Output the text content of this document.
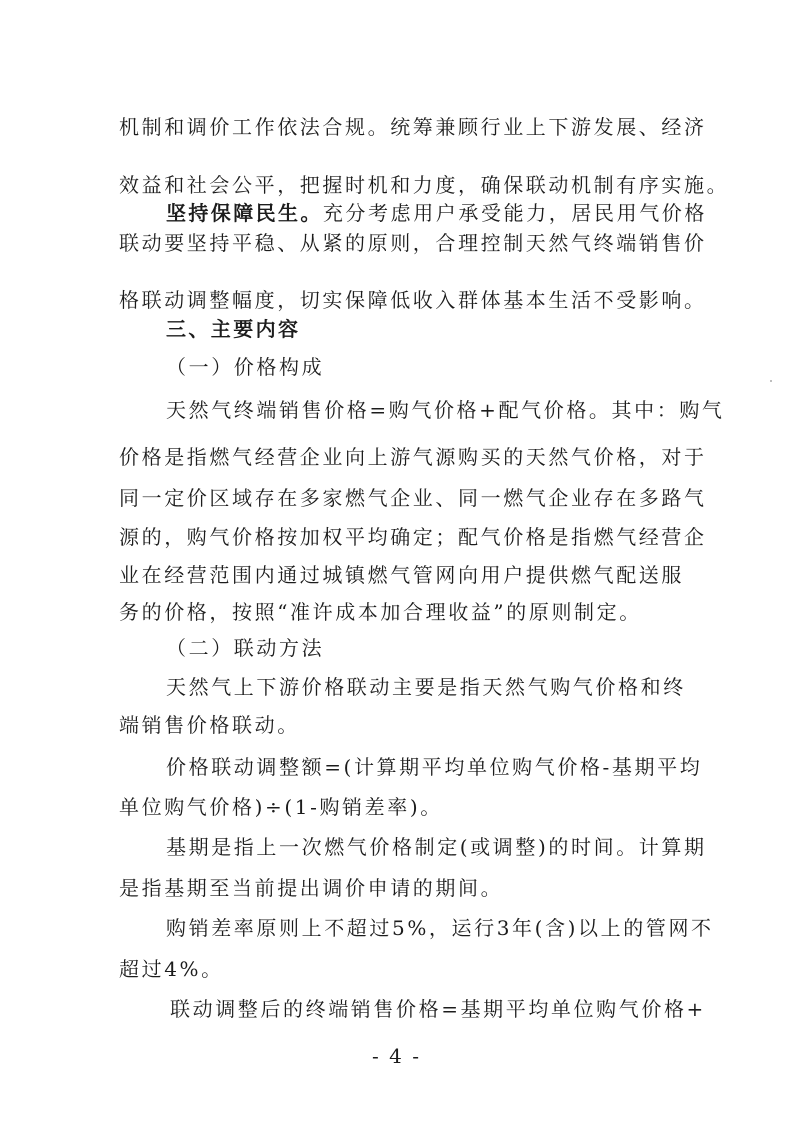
机制和调价工作依法合规。统筹兼顾行业上下游发展、经济
效益和社会公平，把握时机和力度，确保联动机制有序实施。
坚持保障民生。充分考虑用户承受能力，居民用气价格
联动要坚持平稳、从紧的原则，合理控制天然气终端销售价
格联动调整幅度，切实保障低收入群体基本生活不受影响。
三、主要内容
（一）价格构成
天然气终端销售价格=购气价格+配气价格。其中：购气
价格是指燃气经营企业向上游气源购买的天然气价格，对于
同一定价区域存在多家燃气企业、同一燃气企业存在多路气
源的，购气价格按加权平均确定；配气价格是指燃气经营企
业在经营范围内通过城镇燃气管网向用户提供燃气配送服
务的价格，按照“准许成本加合理收益”的原则制定。
（二）联动方法
天然气上下游价格联动主要是指天然气购气价格和终
端销售价格联动。
价格联动调整额=(计算期平均单位购气价格-基期平均
单位购气价格)÷(1-购销差率)。
基期是指上一次燃气价格制定(或调整)的时间。计算期
是指基期至当前提出调价申请的期间。
购销差率原则上不超过5%，运行3年(含)以上的管网不
超过4%。
联动调整后的终端销售价格=基期平均单位购气价格+
- 4 -
